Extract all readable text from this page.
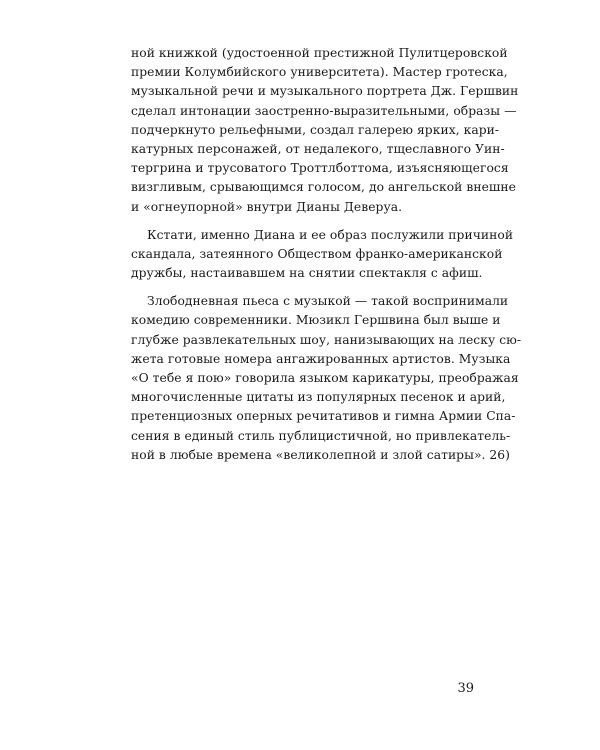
ной книжкой (удостоенной престижной Пулитцеровской
премии Колумбийского университета). Мастер гротеска,
музыкальной речи и музыкального портрета Дж. Гершвин
сделал интонации заостренно-выразительными, образы —
подчеркнуто рельефными, создал галерею ярких, кари-
катурных персонажей, от недалекого, тщеславного Уин-
тергрина и трусоватого Троттлботтома, изъясняющегося
визгливым, срывающимся голосом, до ангельской внешне
и «огнеупорной» внутри Дианы Девеpуа.

Кстати, именно Диана и ее образ послужили причиной
скандала, затеянного Обществом франко-американской
дружбы, настаивавшем на снятии спектакля с афиш.

Злободневная пьеса с музыкой — такой воспринимали
комедию современники. Мюзикл Гершвина был выше и
глубже развлекательных шоу, нанизывающих на леску сю-
жета готовые номера ангажированных артистов. Музыка
«О тебе я пою» говорила языком карикатуры, преображая
многочисленные цитаты из популярных песенок и арий,
претенциозных оперных речитативов и гимна Армии Спа-
сения в единый стиль публицистичной, но привлекатель-
ной в любые времена «великолепной и злой сатиры». 26)

39
